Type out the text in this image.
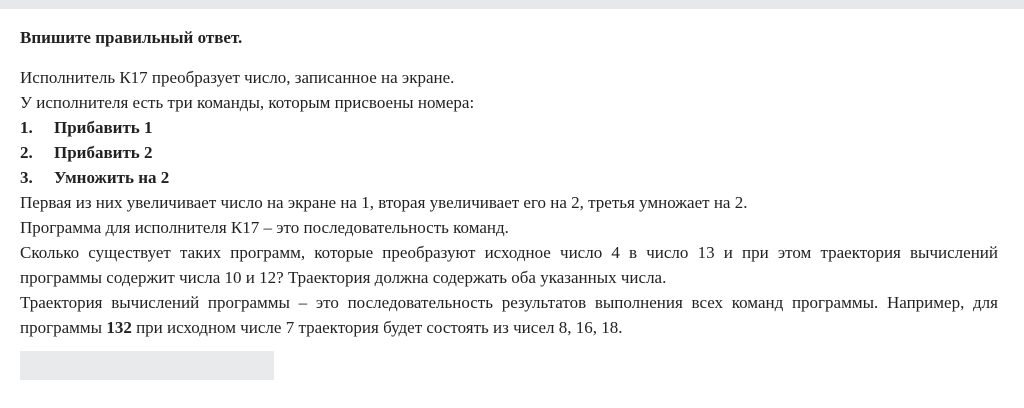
Впишите правильный ответ.

Исполнитель К17 преобразует число, записанное на экране.

У исполнителя есть три команды, которым присвоены номера:

1.	Прибавить 1
2.	Прибавить 2
3.	Умножить на 2

Первая из них увеличивает число на экране на 1, вторая увеличивает его на 2, третья умножает на 2.

Программа для исполнителя К17 – это последовательность команд.

Сколько существует таких программ, которые преобразуют исходное число 4 в число 13 и при этом траектория вычислений программы содержит числа 10 и 12? Траектория должна содержать оба указанных числа.

Траектория вычислений программы – это последовательность результатов выполнения всех команд программы. Например, для программы 132 при исходном числе 7 траектория будет состоять из чисел 8, 16, 18.
